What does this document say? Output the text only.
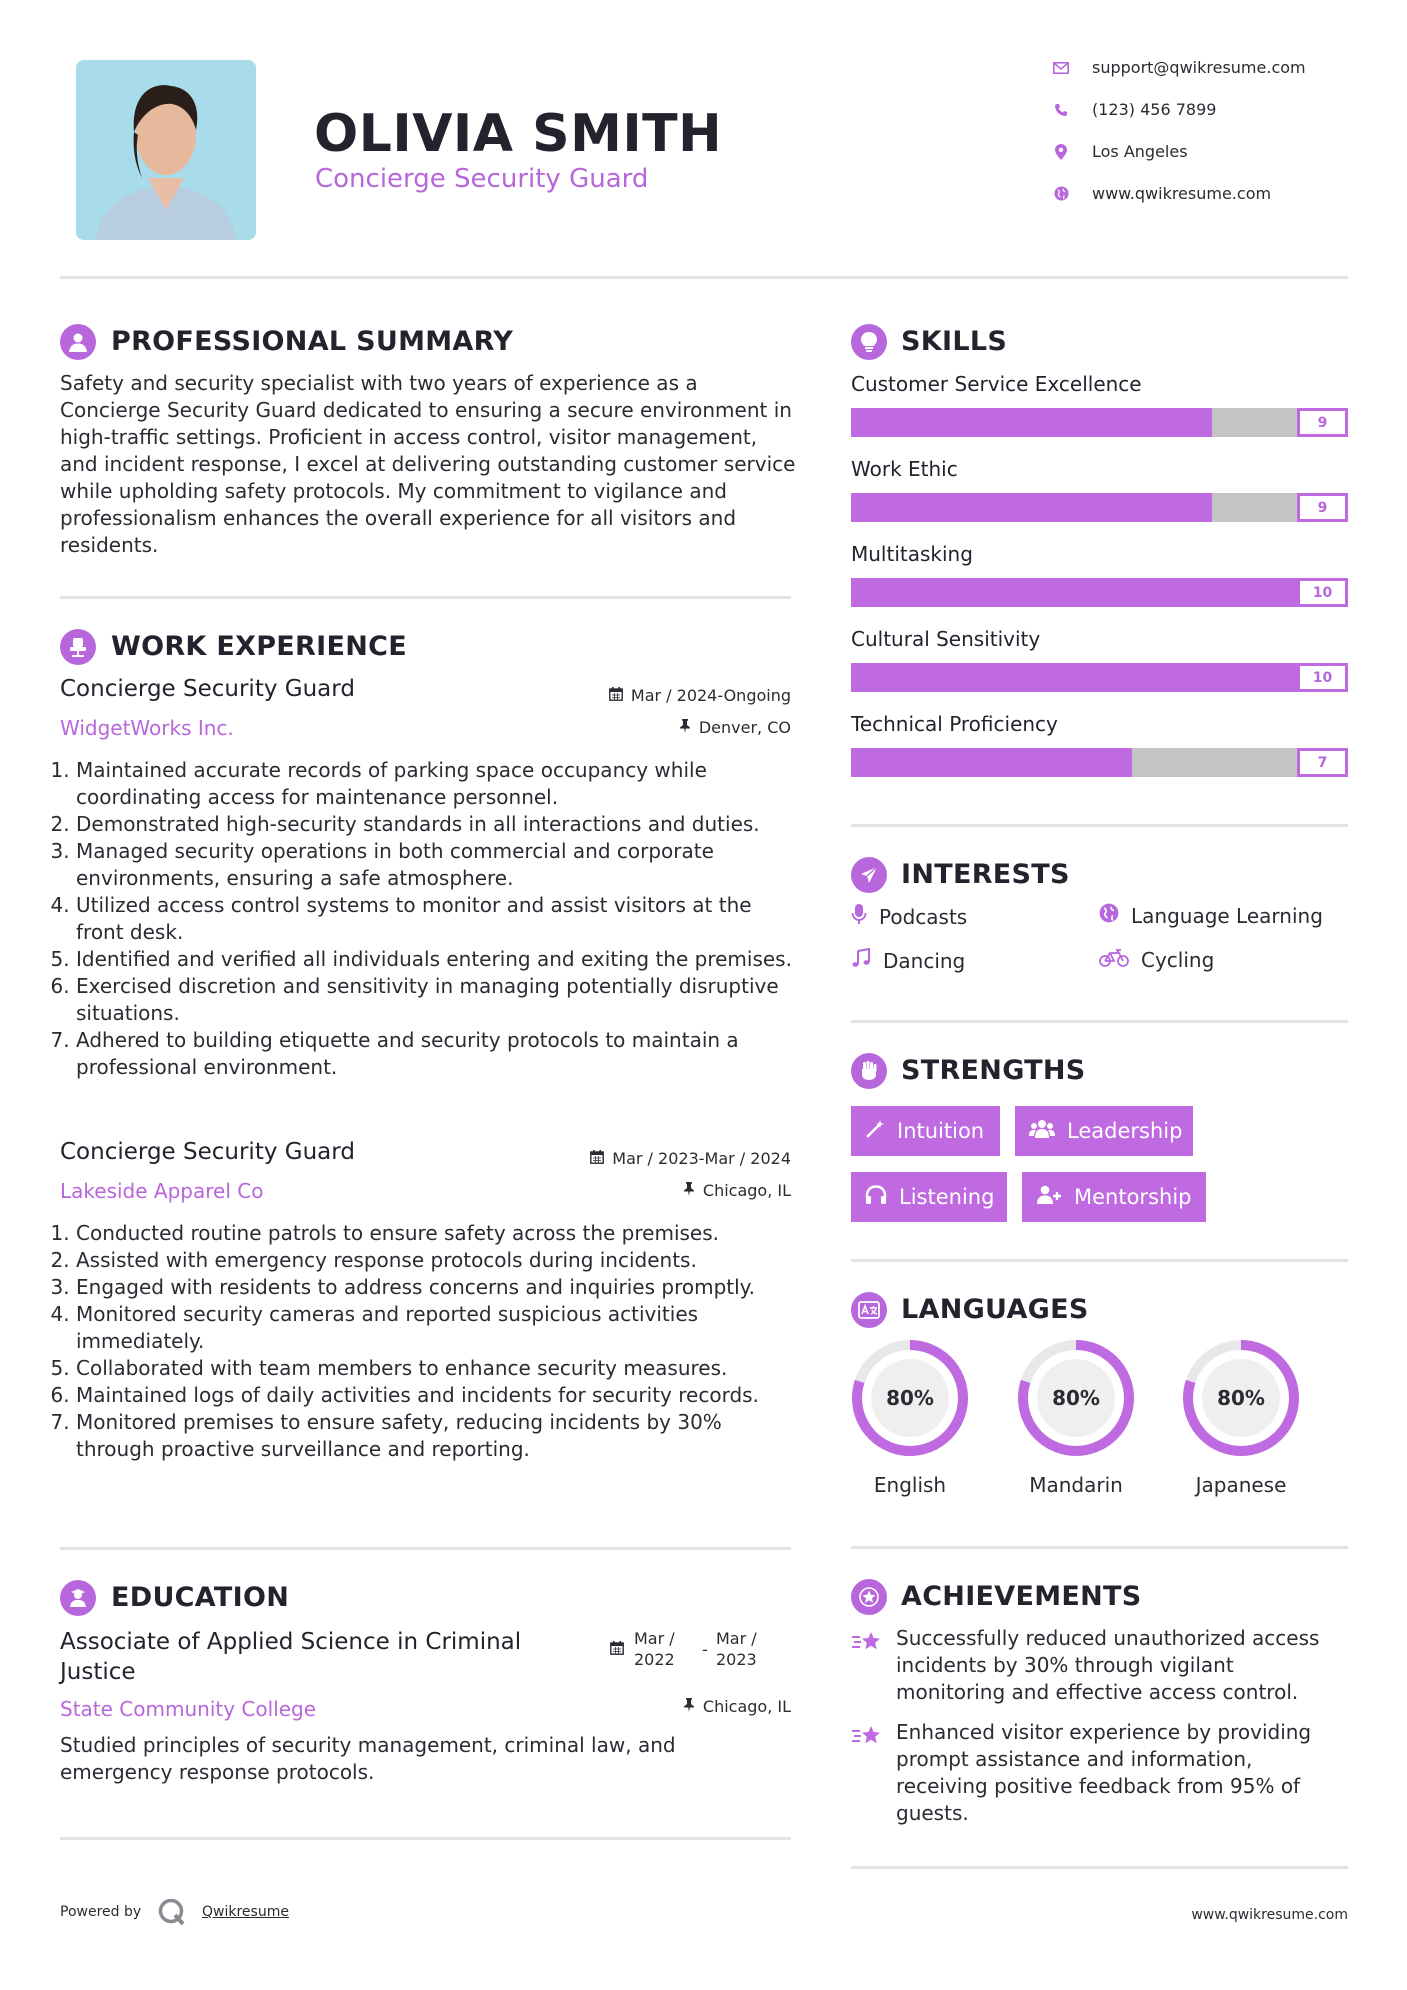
OLIVIA SMITH
Concierge Security Guard
support@qwikresume.com
(123) 456 7899
Los Angeles
www.qwikresume.com
PROFESSIONAL SUMMARY
Safety and security specialist with two years of experience as a Concierge Security Guard dedicated to ensuring a secure environment in high-traffic settings. Proficient in access control, visitor management, and incident response, I excel at delivering outstanding customer service while upholding safety protocols. My commitment to vigilance and professionalism enhances the overall experience for all visitors and residents.
WORK EXPERIENCE
Concierge Security Guard	Mar / 2024-Ongoing
WidgetWorks Inc.	Denver, CO
1. Maintained accurate records of parking space occupancy while coordinating access for maintenance personnel.
2. Demonstrated high-security standards in all interactions and duties.
3. Managed security operations in both commercial and corporate environments, ensuring a safe atmosphere.
4. Utilized access control systems to monitor and assist visitors at the front desk.
5. Identified and verified all individuals entering and exiting the premises.
6. Exercised discretion and sensitivity in managing potentially disruptive situations.
7. Adhered to building etiquette and security protocols to maintain a professional environment.
Concierge Security Guard	Mar / 2023-Mar / 2024
Lakeside Apparel Co	Chicago, IL
1. Conducted routine patrols to ensure safety across the premises.
2. Assisted with emergency response protocols during incidents.
3. Engaged with residents to address concerns and inquiries promptly.
4. Monitored security cameras and reported suspicious activities immediately.
5. Collaborated with team members to enhance security measures.
6. Maintained logs of daily activities and incidents for security records.
7. Monitored premises to ensure safety, reducing incidents by 30% through proactive surveillance and reporting.
EDUCATION
Associate of Applied Science in Criminal Justice
Mar / 2022
-
Mar / 2023
State Community College	Chicago, IL
Studied principles of security management, criminal law, and emergency response protocols.
SKILLS
Customer Service Excellence
9
Work Ethic
9
Multitasking
10
Cultural Sensitivity
10
Technical Proficiency
7
INTERESTS
Podcasts	Language Learning
Dancing	Cycling
STRENGTHS
Intuition	Leadership
Listening	Mentorship
LANGUAGES
80%
English
80%
Mandarin
80%
Japanese
ACHIEVEMENTS
Successfully reduced unauthorized access incidents by 30% through vigilant monitoring and effective access control.
Enhanced visitor experience by providing prompt assistance and information, receiving positive feedback from 95% of guests.
Powered by	Qwikresume	www.qwikresume.com
